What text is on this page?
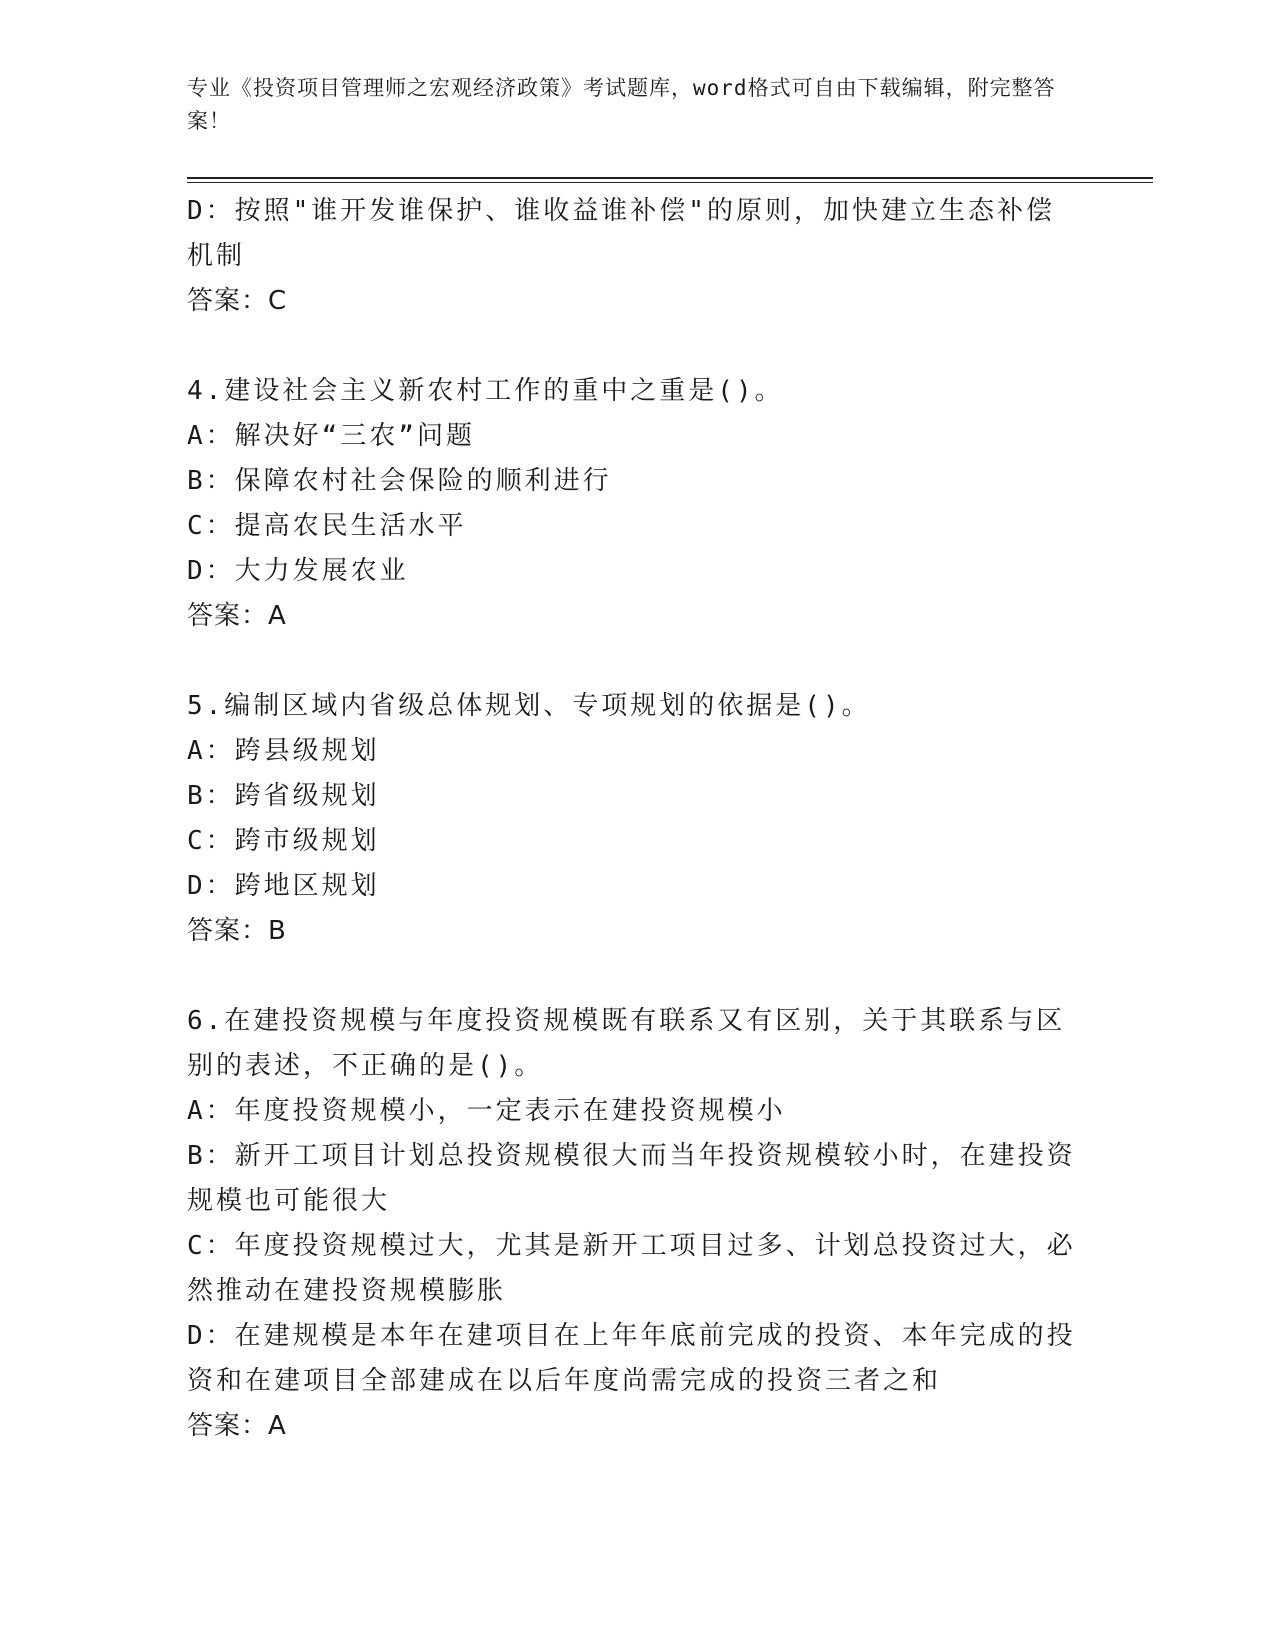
专业《投资项目管理师之宏观经济政策》考试题库，word格式可自由下载编辑，附完整答案！
D：按照"谁开发谁保护、谁收益谁补偿"的原则，加快建立生态补偿机制
答案：C
4.建设社会主义新农村工作的重中之重是()。
A：解决好“三农”问题
B：保障农村社会保险的顺利进行
C：提高农民生活水平
D：大力发展农业
答案：A
5.编制区域内省级总体规划、专项规划的依据是()。
A：跨县级规划
B：跨省级规划
C：跨市级规划
D：跨地区规划
答案：B
6.在建投资规模与年度投资规模既有联系又有区别，关于其联系与区别的表述，不正确的是()。
A：年度投资规模小，一定表示在建投资规模小
B：新开工项目计划总投资规模很大而当年投资规模较小时，在建投资规模也可能很大
C：年度投资规模过大，尤其是新开工项目过多、计划总投资过大，必然推动在建投资规模膨胀
D：在建规模是本年在建项目在上年年底前完成的投资、本年完成的投资和在建项目全部建成在以后年度尚需完成的投资三者之和
答案：A
